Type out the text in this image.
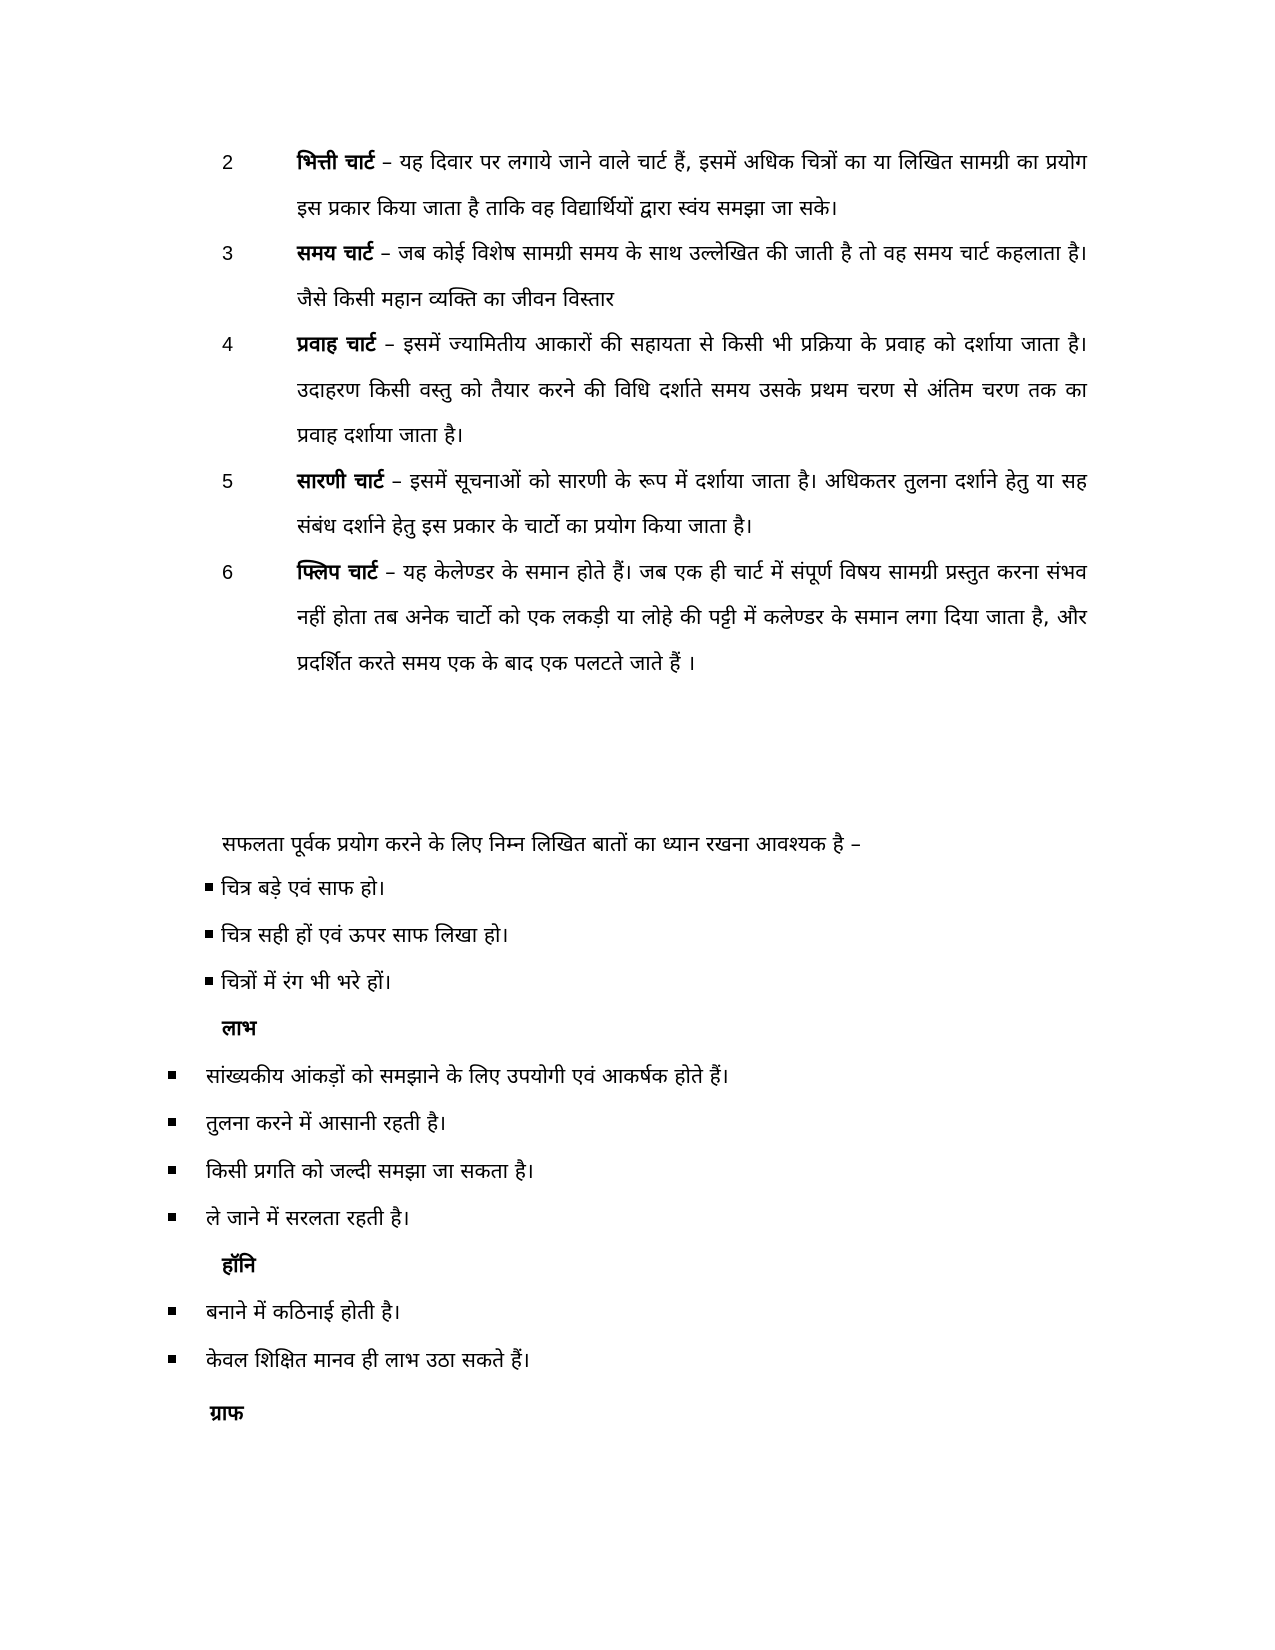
2	भित्ती चार्ट – यह दिवार पर लगाये जाने वाले चार्ट हैं, इसमें अधिक चित्रों का या लिखित सामग्री का प्रयोग इस प्रकार किया जाता है ताकि वह विद्यार्थियों द्वारा स्वंय समझा जा सके।
3	समय चार्ट – जब कोई विशेष सामग्री समय के साथ उल्लेखित की जाती है तो वह समय चार्ट कहलाता है। जैसे किसी महान व्यक्ति का जीवन विस्तार
4	प्रवाह चार्ट – इसमें ज्यामितीय आकारों की सहायता से किसी भी प्रक्रिया के प्रवाह को दर्शाया जाता है। उदाहरण किसी वस्तु को तैयार करने की विधि दर्शाते समय उसके प्रथम चरण से अंतिम चरण तक का प्रवाह दर्शाया जाता है।
5	सारणी चार्ट – इसमें सूचनाओं को सारणी के रूप में दर्शाया जाता है। अधिकतर तुलना दर्शाने हेतु या सह संबंध दर्शाने हेतु इस प्रकार के चार्टो का प्रयोग किया जाता है।
6	फ्लिप चार्ट – यह केलेण्डर के समान होते हैं। जब एक ही चार्ट में संपूर्ण विषय सामग्री प्रस्तुत करना संभव नहीं होता तब अनेक चार्टो को एक लकड़ी या लोहे की पट्टी में कलेण्डर के समान लगा दिया जाता है, और प्रदर्शित करते समय एक के बाद एक पलटते जाते हैं ।
सफलता पूर्वक प्रयोग करने के लिए निम्न लिखित बातों का ध्यान रखना आवश्यक है –
चित्र बड़े एवं साफ हो।
चित्र सही हों एवं ऊपर साफ लिखा हो।
चित्रों में रंग भी भरे हों।
लाभ
सांख्यकीय आंकड़ों को समझाने के लिए उपयोगी एवं आकर्षक होते हैं।
तुलना करने में आसानी रहती है।
किसी प्रगति को जल्दी समझा जा सकता है।
ले जाने में सरलता रहती है।
हॉनि
बनाने में कठिनाई होती है।
केवल शिक्षित मानव ही लाभ उठा सकते हैं।
ग्राफ
